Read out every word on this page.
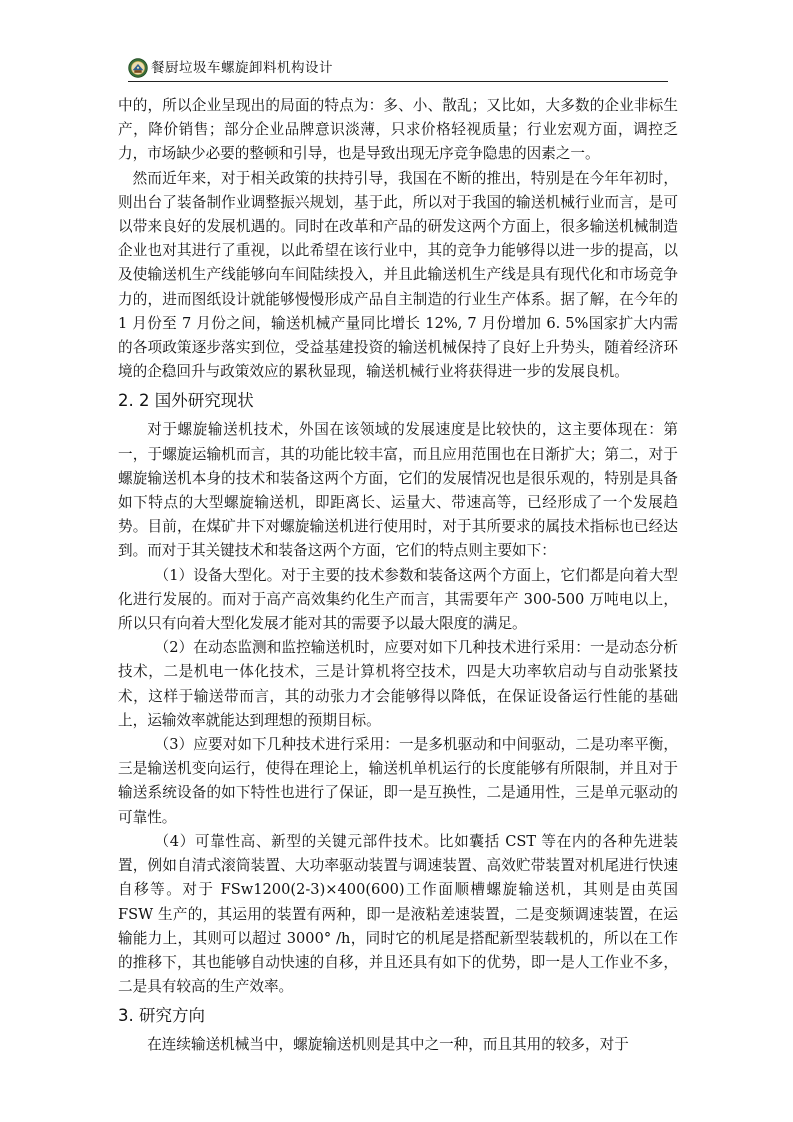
餐厨垃圾车螺旋卸料机构设计

中的，所以企业呈现出的局面的特点为：多、小、散乱；又比如，大多数的企业非标生产，降价销售；部分企业品牌意识淡薄，只求价格轻视质量；行业宏观方面，调控乏力，市场缺少必要的整顿和引导，也是导致出现无序竞争隐患的因素之一。

然而近年来，对于相关政策的扶持引导，我国在不断的推出，特别是在今年年初时，则出台了装备制作业调整振兴规划，基于此，所以对于我国的输送机械行业而言，是可以带来良好的发展机遇的。同时在改革和产品的研发这两个方面上，很多输送机械制造企业也对其进行了重视，以此希望在该行业中，其的竞争力能够得以进一步的提高，以及使输送机生产线能够向车间陆续投入，并且此输送机生产线是具有现代化和市场竞争力的，进而图纸设计就能够慢慢形成产品自主制造的行业生产体系。据了解，在今年的 1 月份至 7 月份之间，输送机械产量同比增长 12%, 7 月份增加 6. 5%国家扩大内需的各项政策逐步落实到位，受益基建投资的输送机械保持了良好上升势头，随着经济环境的企稳回升与政策效应的累秋显现，输送机械行业将获得进一步的发展良机。

2. 2 国外研究现状

对于螺旋输送机技术，外国在该领域的发展速度是比较快的，这主要体现在：第一，于螺旋运输机而言，其的功能比较丰富，而且应用范围也在日渐扩大；第二，对于螺旋输送机本身的技术和装备这两个方面，它们的发展情况也是很乐观的，特别是具备如下特点的大型螺旋输送机，即距离长、运量大、带速高等，已经形成了一个发展趋势。目前，在煤矿井下对螺旋输送机进行使用时，对于其所要求的属技术指标也已经达到。而对于其关键技术和装备这两个方面，它们的特点则主要如下：

（1）设备大型化。对于主要的技术参数和装备这两个方面上，它们都是向着大型化进行发展的。而对于高产高效集约化生产而言，其需要年产 300-500 万吨电以上，所以只有向着大型化发展才能对其的需要予以最大限度的满足。

（2）在动态监测和监控输送机时，应要对如下几种技术进行采用：一是动态分析技术，二是机电一体化技术，三是计算机将空技术，四是大功率软启动与自动张紧技术，这样于输送带而言，其的动张力才会能够得以降低，在保证设备运行性能的基础上，运输效率就能达到理想的预期目标。

（3）应要对如下几种技术进行采用：一是多机驱动和中间驱动，二是功率平衡，三是输送机变向运行，使得在理论上，输送机单机运行的长度能够有所限制，并且对于输送系统设备的如下特性也进行了保证，即一是互换性，二是通用性，三是单元驱动的可靠性。

（4）可靠性高、新型的关键元部件技术。比如囊括 CST 等在内的各种先进装置，例如自清式滚筒装置、大功率驱动装置与调速装置、高效贮带装置对机尾进行快速自移等。对于 FSw1200(2-3)×400(600)工作面顺槽螺旋输送机，其则是由英国 FSW 生产的，其运用的装置有两种，即一是液粘差速装置，二是变频调速装置，在运输能力上，其则可以超过 3000° /h，同时它的机尾是搭配新型装载机的，所以在工作的推移下，其也能够自动快速的自移，并且还具有如下的优势，即一是人工作业不多，二是具有较高的生产效率。

3. 研究方向

在连续输送机械当中，螺旋输送机则是其中之一种，而且其用的较多，对于
